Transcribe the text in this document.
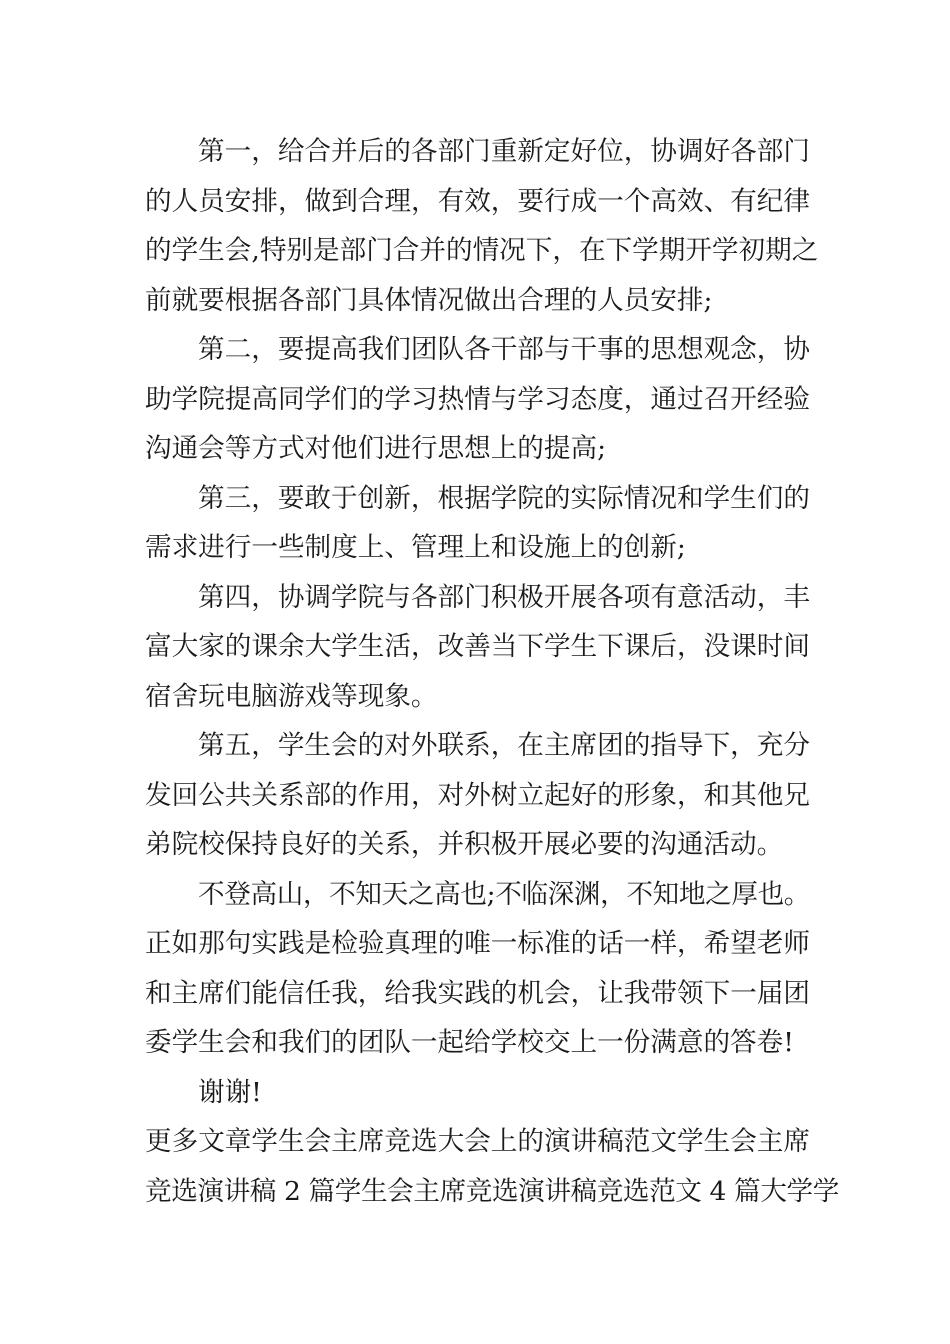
第一，给合并后的各部门重新定好位，协调好各部门
的人员安排，做到合理，有效，要行成一个高效、有纪律
的学生会,特别是部门合并的情况下，在下学期开学初期之
前就要根据各部门具体情况做出合理的人员安排;
第二，要提高我们团队各干部与干事的思想观念，协
助学院提高同学们的学习热情与学习态度，通过召开经验
沟通会等方式对他们进行思想上的提高;
第三，要敢于创新，根据学院的实际情况和学生们的
需求进行一些制度上、管理上和设施上的创新;
第四，协调学院与各部门积极开展各项有意活动，丰
富大家的课余大学生活，改善当下学生下课后，没课时间
宿舍玩电脑游戏等现象。
第五，学生会的对外联系，在主席团的指导下，充分
发回公共关系部的作用，对外树立起好的形象，和其他兄
弟院校保持良好的关系，并积极开展必要的沟通活动。
不登高山，不知天之高也;不临深渊，不知地之厚也。
正如那句实践是检验真理的唯一标准的话一样，希望老师
和主席们能信任我，给我实践的机会，让我带领下一届团
委学生会和我们的团队一起给学校交上一份满意的答卷!
谢谢!
更多文章学生会主席竞选大会上的演讲稿范文学生会主席
竞选演讲稿 2 篇学生会主席竞选演讲稿竞选范文 4 篇大学学
